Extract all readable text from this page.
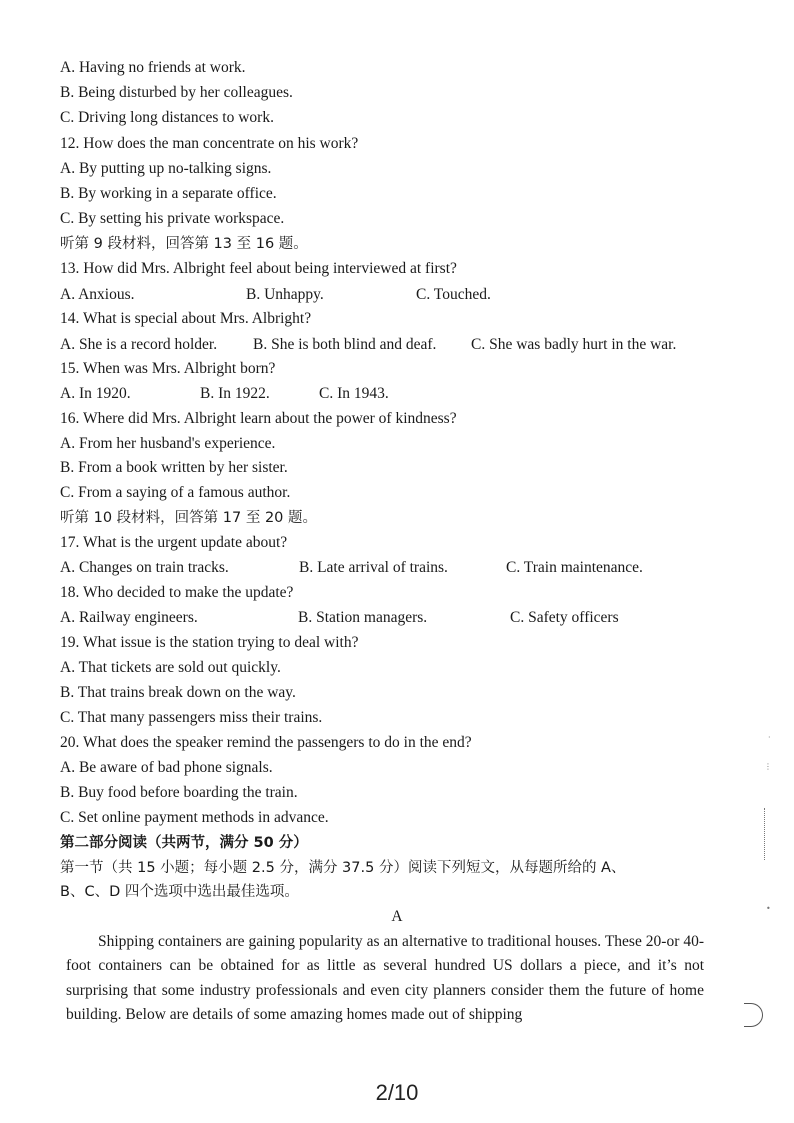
A. Having no friends at work.
B. Being disturbed by her colleagues.
C. Driving long distances to work.
12. How does the man concentrate on his work?
A. By putting up no-talking signs.
B. By working in a separate office.
C. By setting his private workspace.
听第 9 段材料，回答第 13 至 16 题。
13. How did Mrs. Albright feel about being interviewed at first?
A. Anxious.	B. Unhappy.	C. Touched.
14. What is special about Mrs. Albright?
A. She is a record holder. B. She is both blind and deaf. C. She was badly hurt in the war.
15. When was Mrs. Albright born?
A. In 1920.	B. In 1922.	C. In 1943.
16. Where did Mrs. Albright learn about the power of kindness?
A. From her husband's experience.
B. From a book written by her sister.
C. From a saying of a famous author.
听第 10 段材料，回答第 17 至 20 题。
17. What is the urgent update about?
A. Changes on train tracks.	B. Late arrival of trains.	C. Train maintenance.
18. Who decided to make the update?
A. Railway engineers.	B. Station managers.	C. Safety officers
19. What issue is the station trying to deal with?
A. That tickets are sold out quickly.
B. That trains break down on the way.
C. That many passengers miss their trains.
20. What does the speaker remind the passengers to do in the end?
A. Be aware of bad phone signals.
B. Buy food before boarding the train.
C. Set online payment methods in advance.
第二部分阅读（共两节，满分 50 分）
第一节（共 15 小题；每小题 2.5 分，满分 37.5 分）阅读下列短文，从每题所给的 A、
B、C、D 四个选项中选出最佳选项。
A

Shipping containers are gaining popularity as an alternative to traditional houses. These 20-or 40-foot containers can be obtained for as little as several hundred US dollars a piece, and it’s not surprising that some industry professionals and even city planners consider them the future of home building. Below are details of some amazing homes made out of shipping

2/10
·
⋮
•
